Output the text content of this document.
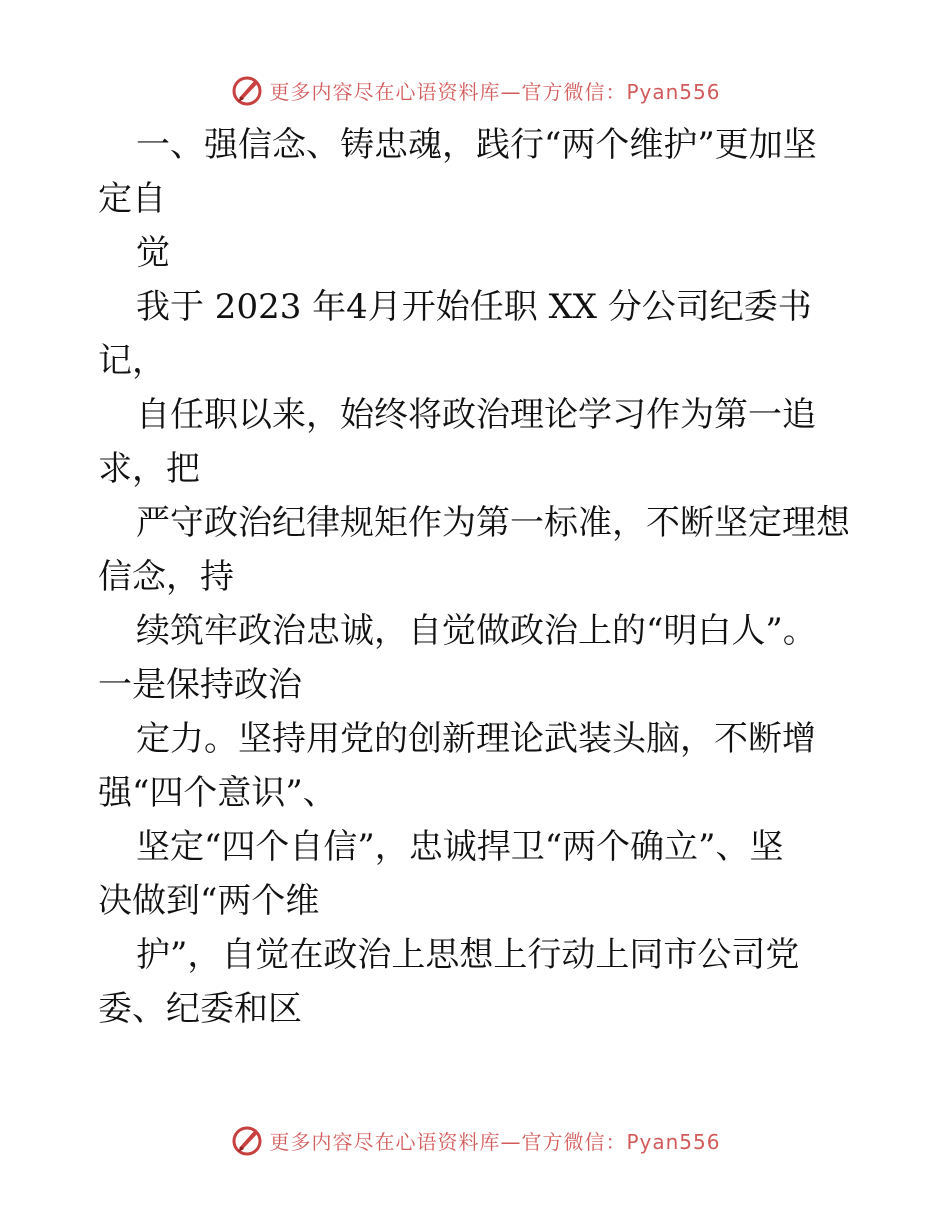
更多内容尽在心语资料库—官方微信：Pyan556
一、强信念、铸忠魂，践行“两个维护”更加坚
定自
觉
我于 2023 年4月开始任职 XX 分公司纪委书
记，
自任职以来，始终将政治理论学习作为第一追
求，把
严守政治纪律规矩作为第一标准，不断坚定理想
信念，持
续筑牢政治忠诚，自觉做政治上的“明白人”。
一是保持政治
定力。坚持用党的创新理论武装头脑，不断增
强“四个意识”、
坚定“四个自信”，忠诚捍卫“两个确立”、坚
决做到“两个维
护”，自觉在政治上思想上行动上同市公司党
委、纪委和区
更多内容尽在心语资料库—官方微信：Pyan556
